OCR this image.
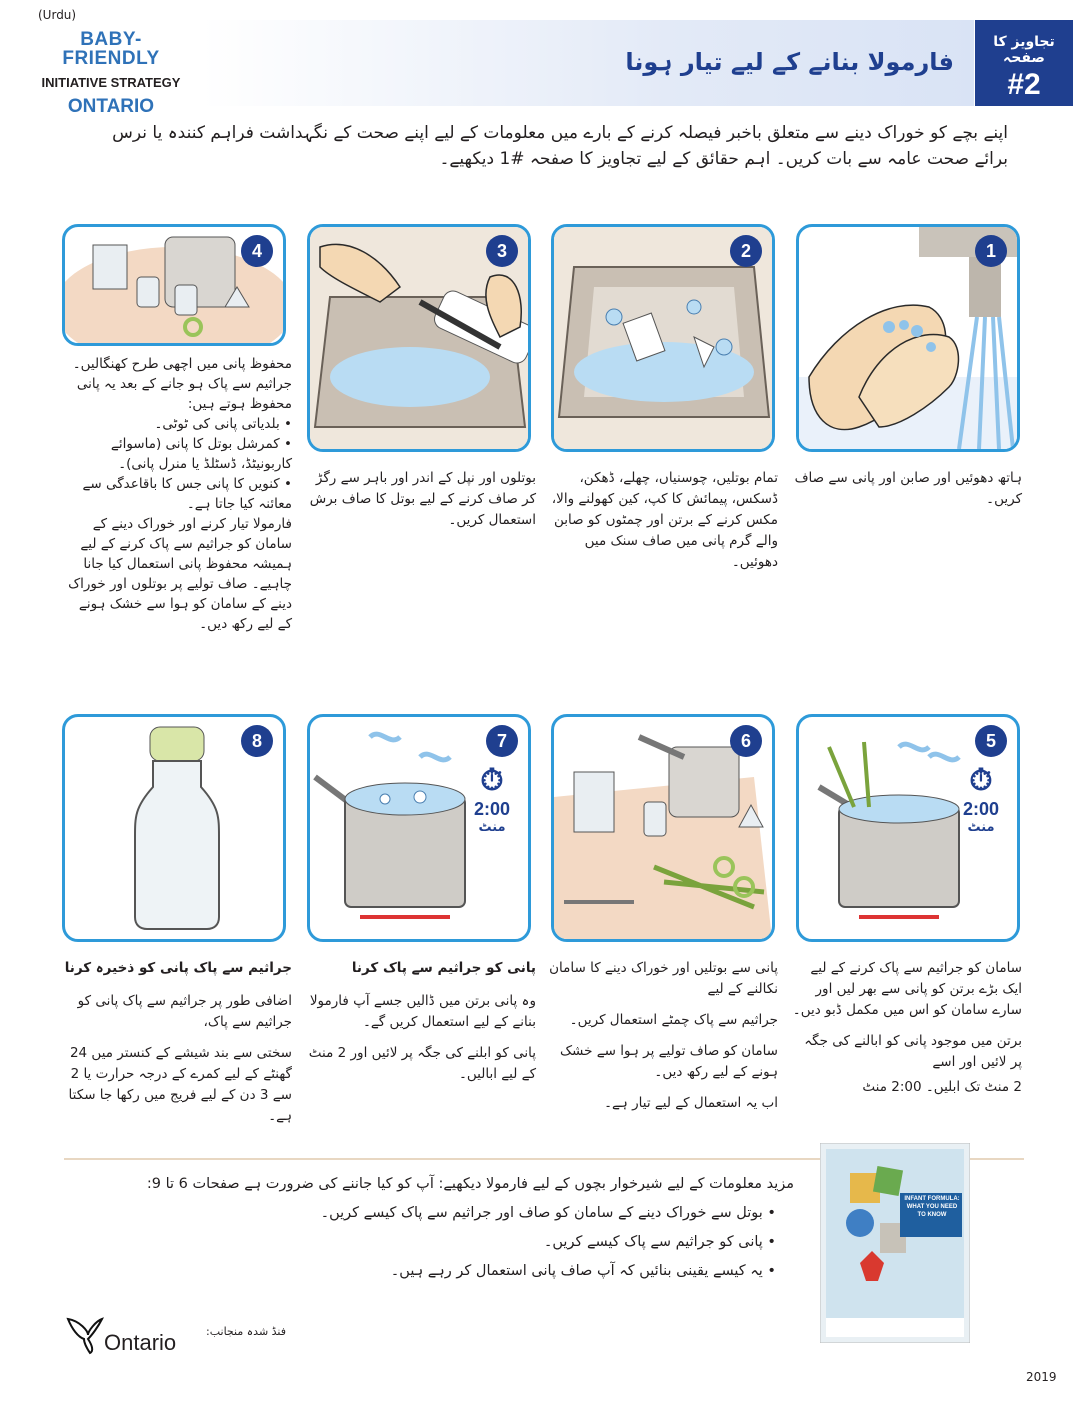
(Urdu)
BABY-FRIENDLY
INITIATIVE STRATEGY
ONTARIO
فارمولا بنانے کے لیے تیار ہونا
تجاویز کا صفحہ
#2
اپنے بچے کو خوراک دینے سے متعلق باخبر فیصلہ کرنے کے بارے میں معلومات کے لیے اپنے صحت کے نگہداشت فراہم کنندہ یا نرس برائے صحت عامہ سے بات کریں۔ اہم حقائق کے لیے تجاویز کا صفحہ #1 دیکھیے۔
1
2
3
4

ہاتھ دھوئیں اور صابن اور پانی سے صاف کریں۔

تمام بوتلیں، چوسنیاں، چھلے، ڈھکن، ڈسکس، پیمائش کا کپ، کین کھولنے والا، مکس کرنے کے برتن اور چمٹوں کو صابن والے گرم پانی میں صاف سنک میں دھوئیں۔

بوتلوں اور نپل کے اندر اور باہر سے رگڑ کر صاف کرنے کے لیے بوتل کا صاف برش استعمال کریں۔

محفوظ پانی میں اچھی طرح کھنگالیں۔ جراثیم سے پاک ہو جانے کے بعد یہ پانی محفوظ ہوتے ہیں:

• بلدیاتی پانی کی ٹوٹی۔

• کمرشل بوتل کا پانی (ماسوائے کاربونیٹڈ، ڈسٹلڈ یا منرل پانی)۔

• کنویں کا پانی جس کا باقاعدگی سے معائنہ کیا جاتا ہے۔

فارمولا تیار کرنے اور خوراک دینے کے سامان کو جراثیم سے پاک کرنے کے لیے ہمیشہ محفوظ پانی استعمال کیا جانا چاہیے۔ صاف تولیے پر بوتلوں اور خوراک دینے کے سامان کو ہوا سے خشک ہونے کے لیے رکھ دیں۔

5
⏱
2:00
منٹ
6
7
⏱
2:00
منٹ
8

سامان کو جراثیم سے پاک کرنے کے لیے ایک بڑے برتن کو پانی سے بھر لیں اور سارے سامان کو اس میں مکمل ڈبو دیں۔

برتن میں موجود پانی کو ابالنے کی جگہ پر لائیں اور اسے

2 منٹ تک ابلیں۔ 2:00 منٹ

پانی سے بوتلیں اور خوراک دینے کا سامان نکالنے کے لیے

جراثیم سے پاک چمٹے استعمال کریں۔

سامان کو صاف تولیے پر ہوا سے خشک ہونے کے لیے رکھ دیں۔

اب یہ استعمال کے لیے تیار ہے۔

پانی کو جراثیم سے پاک کرنا

وہ پانی برتن میں ڈالیں جسے آپ فارمولا بنانے کے لیے استعمال کریں گے۔

پانی کو ابلنے کی جگہ پر لائیں اور 2 منٹ کے لیے ابالیں۔

جراثیم سے پاک پانی کو ذخیرہ کرنا

اضافی طور پر جراثیم سے پاک پانی کو جراثیم سے پاک،

سختی سے بند شیشے کے کنستر میں 24 گھنٹے کے لیے کمرے کے درجہ حرارت یا 2 سے 3 دن کے لیے فریج میں رکھا جا سکتا ہے۔

مزید معلومات کے لیے شیرخوار بچوں کے لیے فارمولا دیکھیے: آپ کو کیا جاننے کی ضرورت ہے صفحات 6 تا 9:
• بوتل سے خوراک دینے کے سامان کو صاف اور جراثیم سے پاک کیسے کریں۔
• پانی کو جراثیم سے پاک کیسے کریں۔
• یہ کیسے یقینی بنائیں کہ آپ صاف پانی استعمال کر رہے ہیں۔
INFANT FORMULA: WHAT YOU NEED TO KNOW
Ontario	فنڈ شدہ منجانب:
2019
